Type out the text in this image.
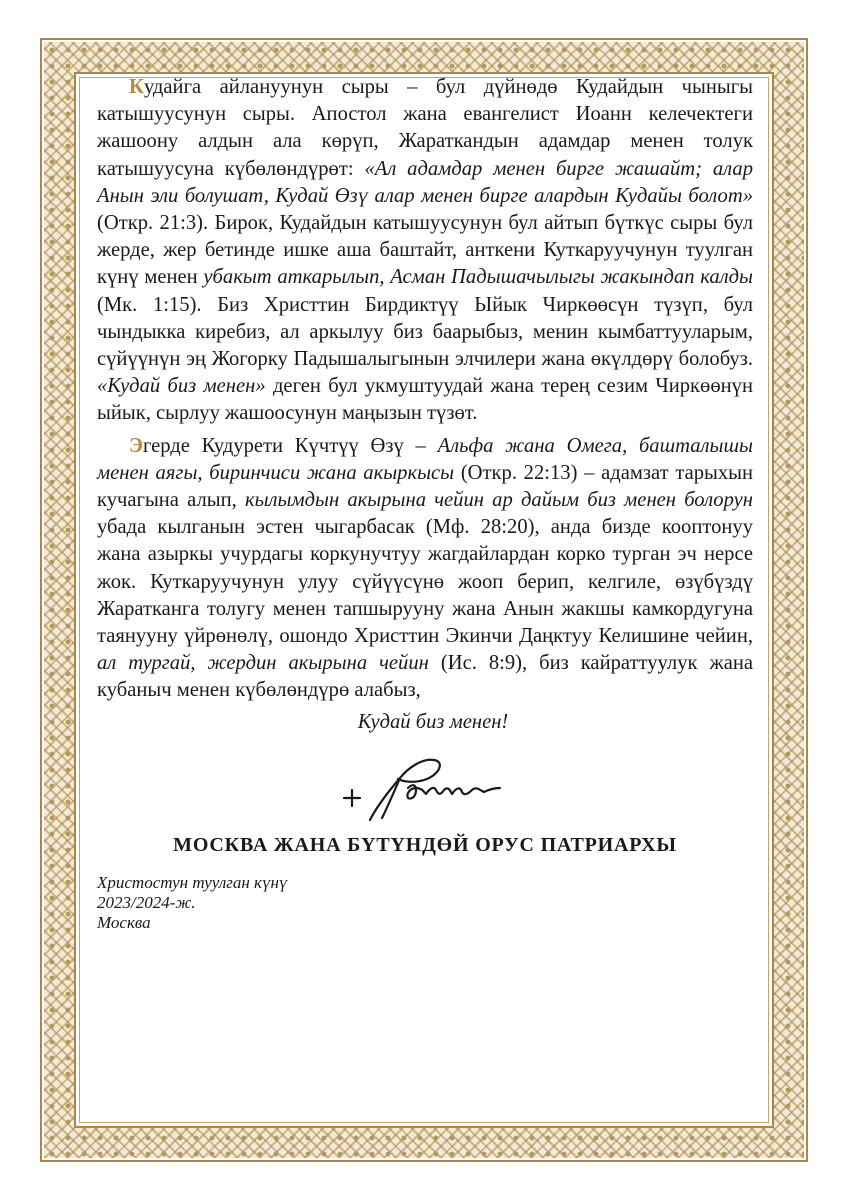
Кудайга айлануунун сыры – бул дүйнөдө Кудайдын чыныгы катышуусунун сыры. Апостол жана евангелист Иоанн келечектеги жашоону алдын ала көрүп, Жараткандын адамдар менен толук катышуусуна күбөлөндүрөт: «Ал адамдар менен бирге жашайт; алар Анын эли болушат, Кудай Өзү алар менен бирге алардын Кудайы болот» (Откр. 21:3). Бирок, Кудайдын катышуусунун бул айтып бүткүс сыры бул жерде, жер бетинде ишке аша баштайт, анткени Куткаруучунун туулган күнү менен убакыт аткарылып, Асман Падышачылыгы жакындап калды (Мк. 1:15). Биз Христтин Бирдиктүү Ыйык Чиркөөсүн түзүп, бул чындыкка киребиз, ал аркылуу биз баарыбыз, менин кымбаттууларым, сүйүүнүн эң Жогорку Падышалыгынын элчилери жана өкүлдөрү болобуз. «Кудай биз менен» деген бул укмуштуудай жана терең сезим Чиркөөнүн ыйык, сырлуу жашоосунун маңызын түзөт.

Эгерде Кудурети Күчтүү Өзү – Альфа жана Омега, башталышы менен аягы, биринчиси жана акыркысы (Откр. 22:13) – адамзат тарыхын кучагына алып, кылымдын акырына чейин ар дайым биз менен болорун убада кылганын эстен чыгарбасак (Мф. 28:20), анда бизде кооптонуу жана азыркы учурдагы коркунучтуу жагдайлардан корко турган эч нерсе жок. Куткаруучунун улуу сүйүүсүнө жооп берип, келгиле, өзүбүздү Жаратканга толугу менен тапшырууну жана Анын жакшы камкордугуна таянууну үйрөнөлү, ошондо Христтин Экинчи Даңктуу Келишине чейин, ал тургай, жердин акырына чейин (Ис. 8:9), биз кайраттуулук жана кубаныч менен күбөлөндүрө алабыз,

Кудай биз менен!
МОСКВА ЖАНА БҮТҮНДӨЙ ОРУС ПАТРИАРХЫ
Христостун туулган күнү
2023/2024-ж.
Москва
